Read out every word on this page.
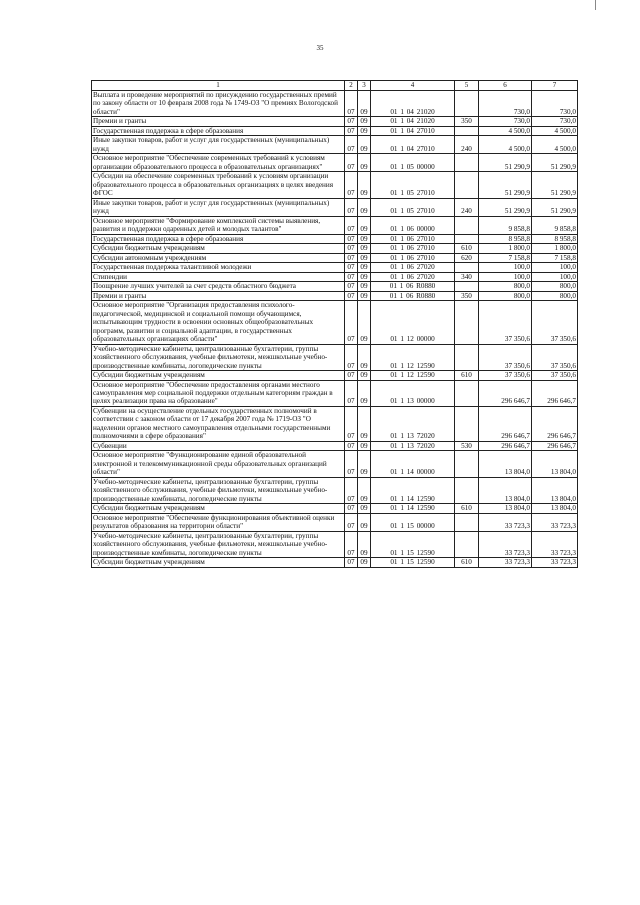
35
1	2	3	4	5	6	7
Выплата и проведение мероприятий по присуждению государственных премий по закону области от 10 февраля 2008 года № 1749-ОЗ "О премиях Вологодской области"	07	09	01 1 04 21020		730,0	730,0
Премии и гранты	07	09	01 1 04 21020	350	730,0	730,0
Государственная поддержка в сфере образования	07	09	01 1 04 27010		4 500,0	4 500,0
Иные закупки товаров, работ и услуг для государственных (муниципальных) нужд	07	09	01 1 04 27010	240	4 500,0	4 500,0
Основное мероприятие "Обеспечение современных требований к условиям организации образовательного процесса в образовательных организациях"	07	09	01 1 05 00000		51 290,9	51 290,9
Субсидии на обеспечение современных требований к условиям организации образовательного процесса в образовательных организациях в целях введения ФГОС	07	09	01 1 05 27010		51 290,9	51 290,9
Иные закупки товаров, работ и услуг для государственных (муниципальных) нужд	07	09	01 1 05 27010	240	51 290,9	51 290,9
Основное мероприятие "Формирование комплексной системы выявления, развития и поддержки одаренных детей и молодых талантов"	07	09	01 1 06 00000		9 858,8	9 858,8
Государственная поддержка в сфере образования	07	09	01 1 06 27010		8 958,8	8 958,8
Субсидии бюджетным учреждениям	07	09	01 1 06 27010	610	1 800,0	1 800,0
Субсидии автономным учреждениям	07	09	01 1 06 27010	620	7 158,8	7 158,8
Государственная поддержка талантливой молодежи	07	09	01 1 06 27020		100,0	100,0
Стипендии	07	09	01 1 06 27020	340	100,0	100,0
Поощрение лучших учителей за счет средств областного бюджета	07	09	01 1 06 R0880		800,0	800,0
Премии и гранты	07	09	01 1 06 R0880	350	800,0	800,0
Основное мероприятие "Организация предоставления психолого-педагогической, медицинской и социальной помощи обучающимся, испытывающим трудности в освоении основных общеобразовательных программ, развитии и социальной адаптации, в государственных образовательных организациях области"	07	09	01 1 12 00000		37 350,6	37 350,6
Учебно-методические кабинеты, централизованные бухгалтерии, группы хозяйственного обслуживания, учебные фильмотеки, межшкольные учебно-производственные комбинаты, логопедические пункты	07	09	01 1 12 12590		37 350,6	37 350,6
Субсидии бюджетным учреждениям	07	09	01 1 12 12590	610	37 350,6	37 350,6
Основное мероприятие "Обеспечение предоставления органами местного самоуправления мер социальной поддержки отдельным категориям граждан в целях реализации права на образование"	07	09	01 1 13 00000		296 646,7	296 646,7
Субвенции на осуществление отдельных государственных полномочий в соответствии с законом области от 17 декабря 2007 года № 1719-ОЗ "О наделении органов местного самоуправления отдельными государственными полномочиями в сфере образования"	07	09	01 1 13 72020		296 646,7	296 646,7
Субвенции	07	09	01 1 13 72020	530	296 646,7	296 646,7
Основное мероприятие "Функционирование единой образовательной электронной и телекоммуникационной среды образовательных организаций области"	07	09	01 1 14 00000		13 804,0	13 804,0
Учебно-методические кабинеты, централизованные бухгалтерии, группы хозяйственного обслуживания, учебные фильмотеки, межшкольные учебно-производственные комбинаты, логопедические пункты	07	09	01 1 14 12590		13 804,0	13 804,0
Субсидии бюджетным учреждениям	07	09	01 1 14 12590	610	13 804,0	13 804,0
Основное мероприятие "Обеспечение функционирования объективной оценки результатов образования на территории области"	07	09	01 1 15 00000		33 723,3	33 723,3
Учебно-методические кабинеты, централизованные бухгалтерии, группы хозяйственного обслуживания, учебные фильмотеки, межшкольные учебно-производственные комбинаты, логопедические пункты	07	09	01 1 15 12590		33 723,3	33 723,3
Субсидии бюджетным учреждениям	07	09	01 1 15 12590	610	33 723,3	33 723,3
